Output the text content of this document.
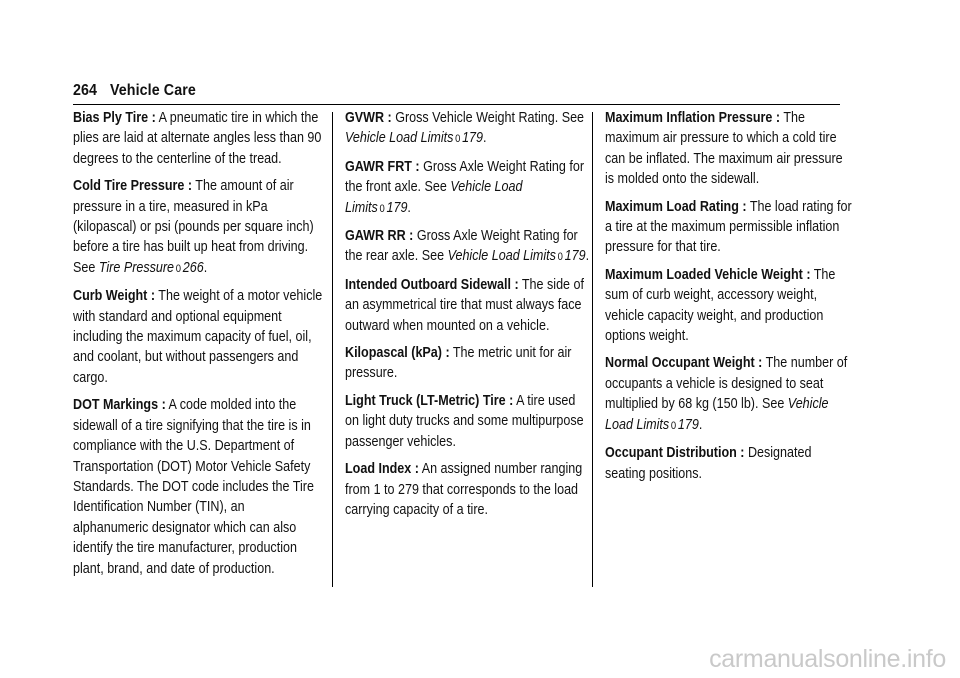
264 Vehicle Care

Bias Ply Tire : A pneumatic tire in which the plies are laid at alternate angles less than 90 degrees to the centerline of the tread.

Cold Tire Pressure : The amount of air pressure in a tire, measured in kPa (kilopascal) or psi (pounds per square inch) before a tire has built up heat from driving. See Tire Pressure 0 266.

Curb Weight : The weight of a motor vehicle with standard and optional equipment including the maximum capacity of fuel, oil, and coolant, but without passengers and cargo.

DOT Markings : A code molded into the sidewall of a tire signifying that the tire is in compliance with the U.S. Department of Transportation (DOT) Motor Vehicle Safety Standards. The DOT code includes the Tire Identification Number (TIN), an alphanumeric designator which can also identify the tire manufacturer, production plant, brand, and date of production.

GVWR : Gross Vehicle Weight Rating. See Vehicle Load Limits 0 179.

GAWR FRT : Gross Axle Weight Rating for the front axle. See Vehicle Load Limits 0 179.

GAWR RR : Gross Axle Weight Rating for the rear axle. See Vehicle Load Limits 0 179.

Intended Outboard Sidewall : The side of an asymmetrical tire that must always face outward when mounted on a vehicle.

Kilopascal (kPa) : The metric unit for air pressure.

Light Truck (LT-Metric) Tire : A tire used on light duty trucks and some multipurpose passenger vehicles.

Load Index : An assigned number ranging from 1 to 279 that corresponds to the load carrying capacity of a tire.

Maximum Inflation Pressure : The maximum air pressure to which a cold tire can be inflated. The maximum air pressure is molded onto the sidewall.

Maximum Load Rating : The load rating for a tire at the maximum permissible inflation pressure for that tire.

Maximum Loaded Vehicle Weight : The sum of curb weight, accessory weight, vehicle capacity weight, and production options weight.

Normal Occupant Weight : The number of occupants a vehicle is designed to seat multiplied by 68 kg (150 lb). See Vehicle Load Limits 0 179.

Occupant Distribution : Designated seating positions.

carmanualsonline.info
